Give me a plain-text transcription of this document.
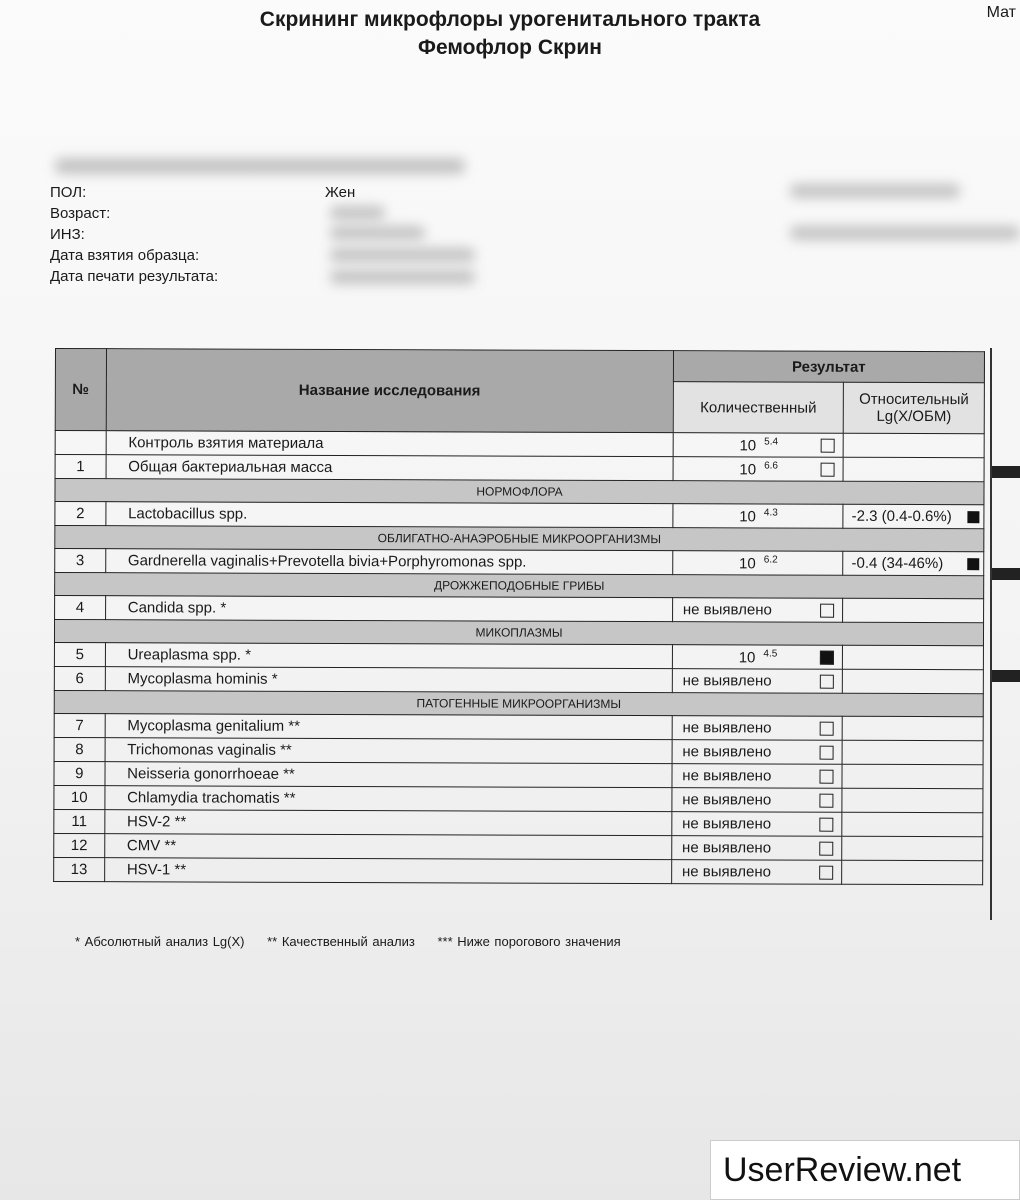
Мат
Скрининг микрофлоры урогенитального тракта
Фемофлор Скрин
ПОЛ:	Жен
Возраст:
ИНЗ:
Дата взятия образца:
Дата печати результата:
№	Название исследования	Результат	
		Количественный	Относительный
Lg(X/ОБМ)

	Контроль взятия материала	10 $^{5.4}$

1	Общая бактериальная масса	10 $^{6.6}$

НОРМОФЛОРА			
2	Lactobacillus spp.	10 $^{4.3}$	-2.3 (0.4-0.6%)

ОБЛИГАТНО-АНАЭРОБНЫЕ МИКРООРГАНИЗМЫ			
3	Gardnerella vaginalis+Prevotella bivia+Porphyromonas spp.	10 $^{6.2}$	-0.4 (34-46%)

ДРОЖЖЕПОДОБНЫЕ ГРИБЫ			
4	Candida spp. *	не выявлено

МИКОПЛАЗМЫ			
5	Ureaplasma spp. *	10 $^{4.5}$

6	Mycoplasma hominis *	не выявлено

ПАТОГЕННЫЕ МИКРООРГАНИЗМЫ			
7	Mycoplasma genitalium **	не выявлено

8	Trichomonas vaginalis **	не выявлено

9	Neisseria gonorrhoeae **	не выявлено

10	Chlamydia trachomatis **	не выявлено

11	HSV-2 **	не выявлено

12	CMV **	не выявлено

13	HSV-1 **	не выявлено

* Абсолютный анализ Lg(X) ** Качественный анализ *** Ниже порогового значения
UserReview.net
